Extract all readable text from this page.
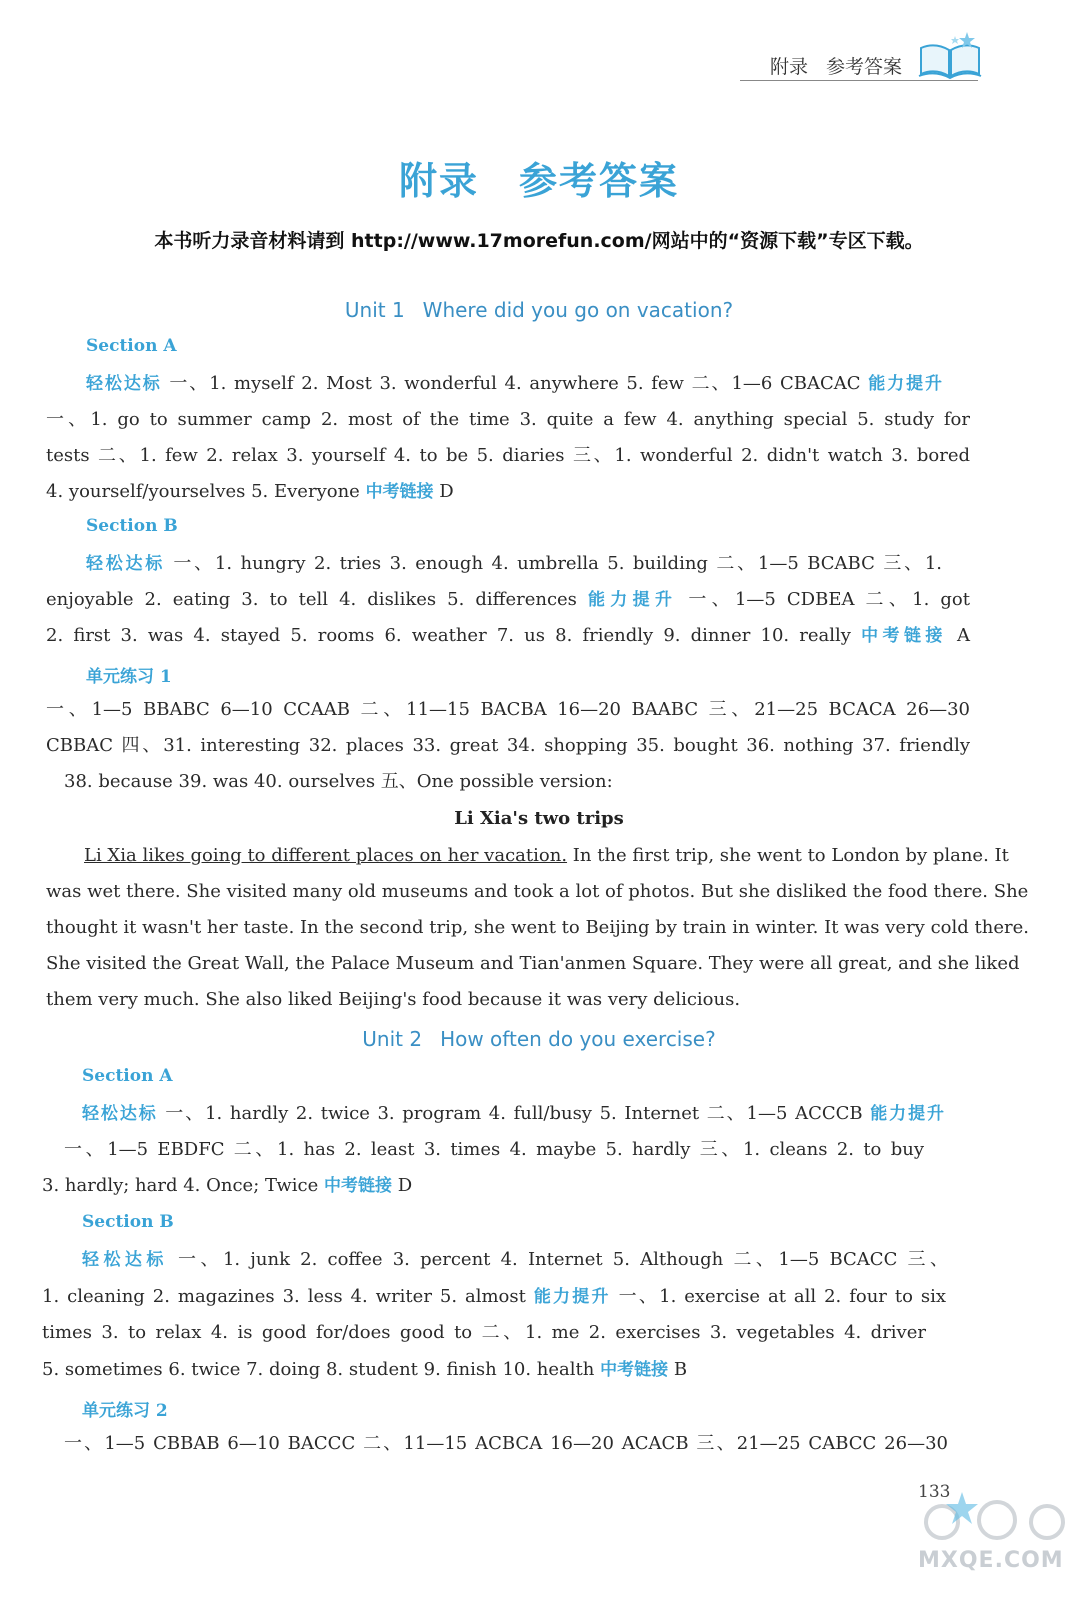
附录 参考答案
附录 参考答案
本书听力录音材料请到 http://www.17morefun.com/网站中的“资源下载”专区下载。
Unit 1 Where did you go on vacation?
Section A
轻松达标 一、1. myself 2. Most 3. wonderful 4. anywhere 5. few 二、1—6 CBACAC 能力提升
一、1. go to summer camp 2. most of the time 3. quite a few 4. anything special 5. study for
tests 二、1. few 2. relax 3. yourself 4. to be 5. diaries 三、1. wonderful 2. didn't watch 3. bored
4. yourself/yourselves 5. Everyone 中考链接 D
Section B
轻松达标 一、1. hungry 2. tries 3. enough 4. umbrella 5. building 二、1—5 BCABC 三、1.
enjoyable 2. eating 3. to tell 4. dislikes 5. differences 能力提升 一、1—5 CDBEA 二、1. got
2. first 3. was 4. stayed 5. rooms 6. weather 7. us 8. friendly 9. dinner 10. really 中考链接 A
单元练习 1
一、1—5 BBABC 6—10 CCAAB 二、11—15 BACBA 16—20 BAABC 三、21—25 BCACA 26—30
CBBAC 四、31. interesting 32. places 33. great 34. shopping 35. bought 36. nothing 37. friendly
38. because 39. was 40. ourselves 五、One possible version:
Li Xia's two trips
Li Xia likes going to different places on her vacation. In the first trip, she went to London by plane. It
was wet there. She visited many old museums and took a lot of photos. But she disliked the food there. She
thought it wasn't her taste. In the second trip, she went to Beijing by train in winter. It was very cold there.
She visited the Great Wall, the Palace Museum and Tian'anmen Square. They were all great, and she liked
them very much. She also liked Beijing's food because it was very delicious.
Unit 2 How often do you exercise?
Section A
轻松达标 一、1. hardly 2. twice 3. program 4. full/busy 5. Internet 二、1—5 ACCCB 能力提升
一、1—5 EBDFC 二、1. has 2. least 3. times 4. maybe 5. hardly 三、1. cleans 2. to buy
3. hardly; hard 4. Once; Twice 中考链接 D
Section B
轻松达标 一、1. junk 2. coffee 3. percent 4. Internet 5. Although 二、1—5 BCACC 三、
1. cleaning 2. magazines 3. less 4. writer 5. almost 能力提升 一、1. exercise at all 2. four to six
times 3. to relax 4. is good for/does good to 二、1. me 2. exercises 3. vegetables 4. driver
5. sometimes 6. twice 7. doing 8. student 9. finish 10. health 中考链接 B
单元练习 2
一、1—5 CBBAB 6—10 BACCC 二、11—15 ACBCA 16—20 ACACB 三、21—25 CABCC 26—30
133
MXQE.COM
